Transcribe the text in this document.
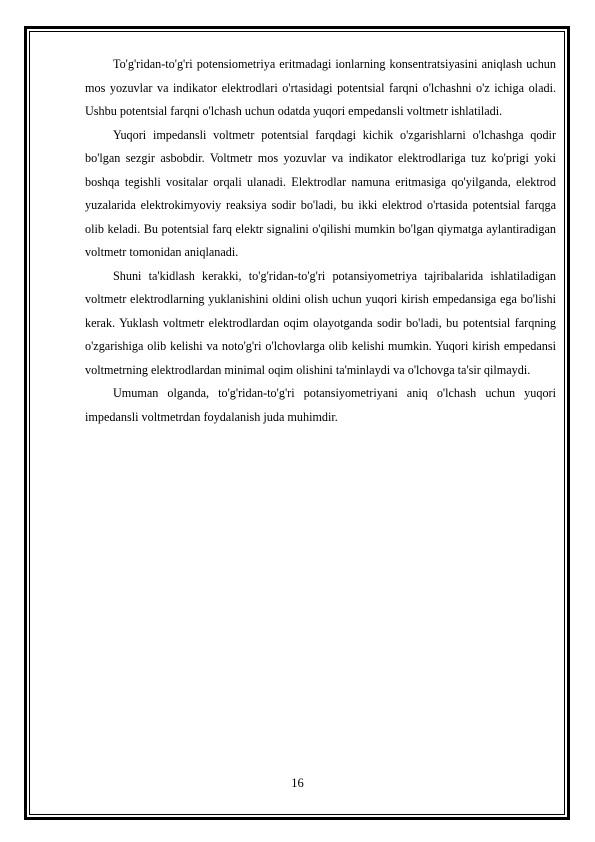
To'g'ridan-to'g'ri potensiometriya eritmadagi ionlarning konsentratsiyasini aniqlash uchun mos yozuvlar va indikator elektrodlari o'rtasidagi potentsial farqni o'lchashni o'z ichiga oladi. Ushbu potentsial farqni o'lchash uchun odatda yuqori empedansli voltmetr ishlatiladi.

Yuqori impedansli voltmetr potentsial farqdagi kichik o'zgarishlarni o'lchashga qodir bo'lgan sezgir asbobdir. Voltmetr mos yozuvlar va indikator elektrodlariga tuz ko'prigi yoki boshqa tegishli vositalar orqali ulanadi. Elektrodlar namuna eritmasiga qo'yilganda, elektrod yuzalarida elektrokimyoviy reaksiya sodir bo'ladi, bu ikki elektrod o'rtasida potentsial farqga olib keladi. Bu potentsial farq elektr signalini o'qilishi mumkin bo'lgan qiymatga aylantiradigan voltmetr tomonidan aniqlanadi.

Shuni ta'kidlash kerakki, to'g'ridan-to'g'ri potansiyometriya tajribalarida ishlatiladigan voltmetr elektrodlarning yuklanishini oldini olish uchun yuqori kirish empedansiga ega bo'lishi kerak. Yuklash voltmetr elektrodlardan oqim olayotganda sodir bo'ladi, bu potentsial farqning o'zgarishiga olib kelishi va noto'g'ri o'lchovlarga olib kelishi mumkin. Yuqori kirish empedansi voltmetrning elektrodlardan minimal oqim olishini ta'minlaydi va o'lchovga ta'sir qilmaydi.

Umuman olganda, to'g'ridan-to'g'ri potansiyometriyani aniq o'lchash uchun yuqori impedansli voltmetrdan foydalanish juda muhimdir.

16
